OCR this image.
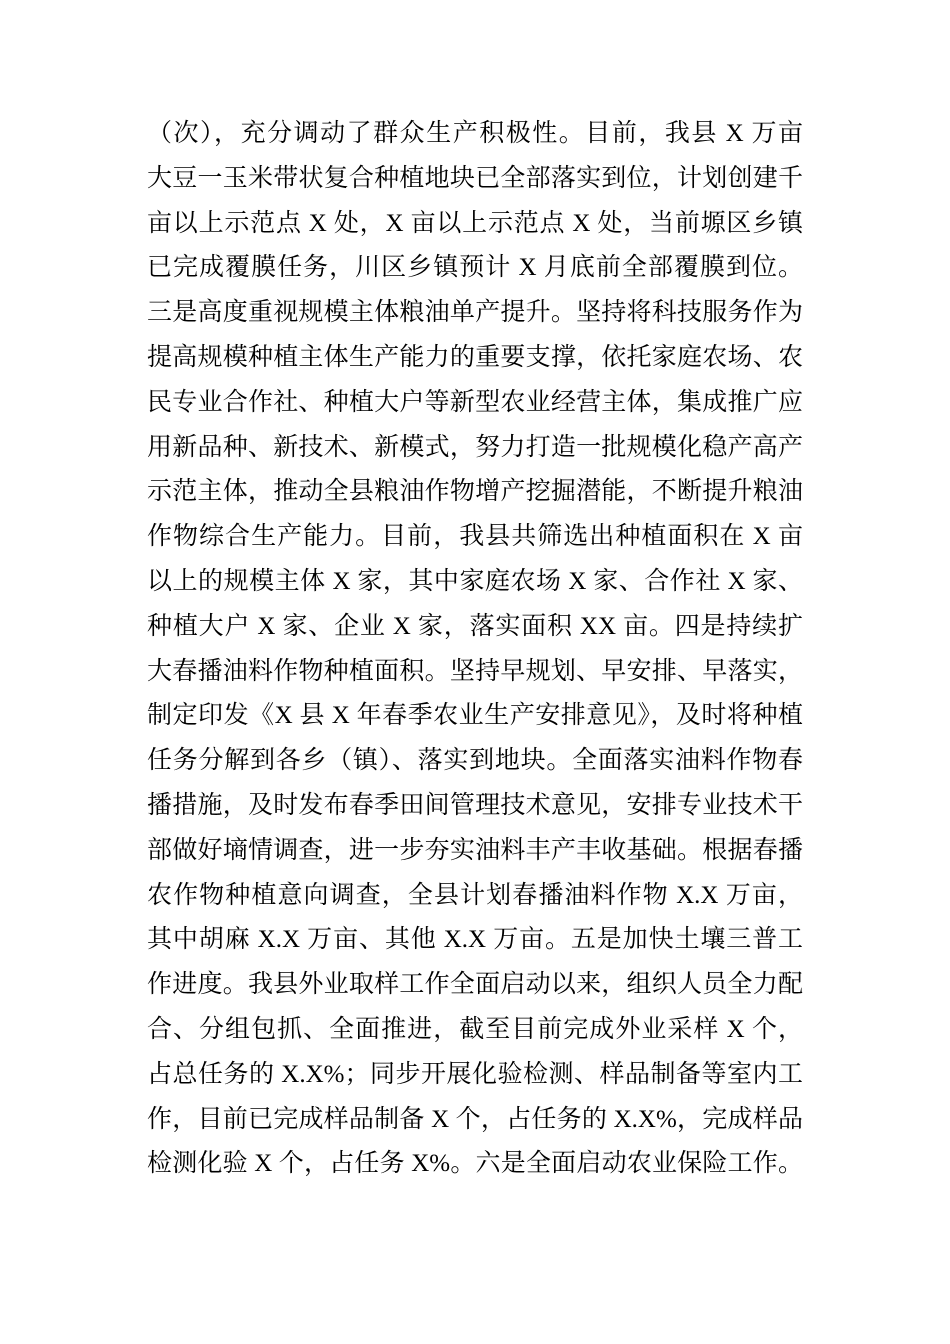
（次），充分调动了群众生产积极性。目前，我县 X 万亩
大豆一玉米带状复合种植地块已全部落实到位，计划创建千
亩以上示范点 X 处，X 亩以上示范点 X 处，当前塬区乡镇
已完成覆膜任务，川区乡镇预计 X 月底前全部覆膜到位。
三是高度重视规模主体粮油单产提升。坚持将科技服务作为
提高规模种植主体生产能力的重要支撑，依托家庭农场、农
民专业合作社、种植大户等新型农业经营主体，集成推广应
用新品种、新技术、新模式，努力打造一批规模化稳产高产
示范主体，推动全县粮油作物增产挖掘潜能，不断提升粮油
作物综合生产能力。目前，我县共筛选出种植面积在 X 亩
以上的规模主体 X 家，其中家庭农场 X 家、合作社 X 家、
种植大户 X 家、企业 X 家，落实面积 XX 亩。四是持续扩
大春播油料作物种植面积。坚持早规划、早安排、早落实，
制定印发《X 县 X 年春季农业生产安排意见》，及时将种植
任务分解到各乡（镇）、落实到地块。全面落实油料作物春
播措施，及时发布春季田间管理技术意见，安排专业技术干
部做好墒情调查，进一步夯实油料丰产丰收基础。根据春播
农作物种植意向调查，全县计划春播油料作物 X.X 万亩，
其中胡麻 X.X 万亩、其他 X.X 万亩。五是加快土壤三普工
作进度。我县外业取样工作全面启动以来，组织人员全力配
合、分组包抓、全面推进，截至目前完成外业采样 X 个，
占总任务的 X.X%；同步开展化验检测、样品制备等室内工
作，目前已完成样品制备 X 个，占任务的 X.X%，完成样品
检测化验 X 个，占任务 X%。六是全面启动农业保险工作。
